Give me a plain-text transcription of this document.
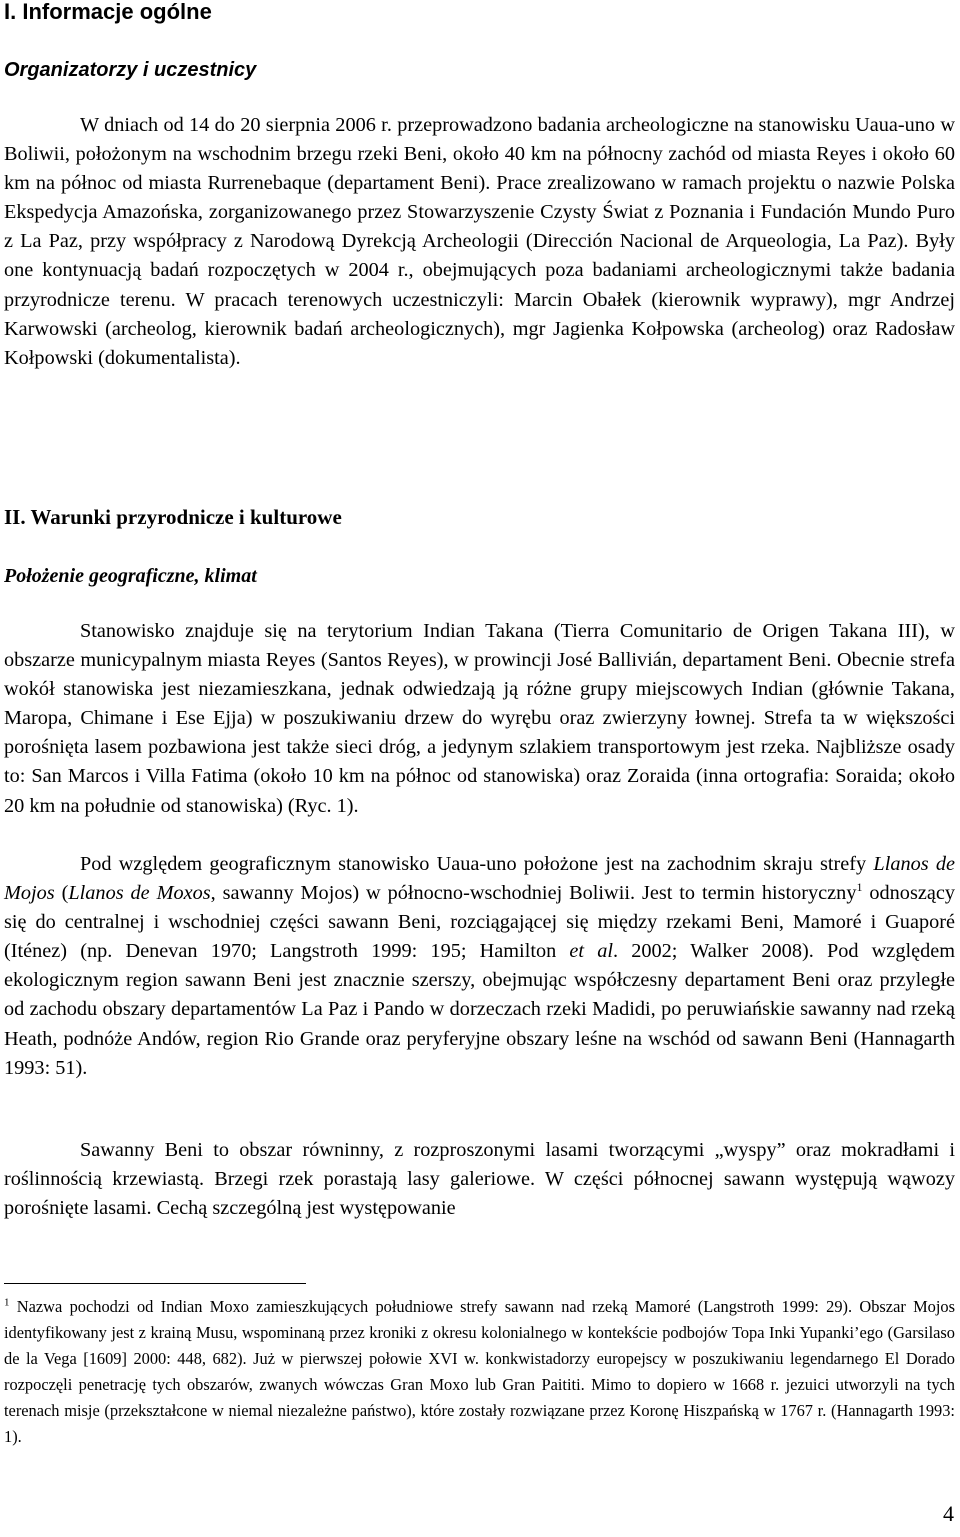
I. Informacje ogólne
Organizatorzy i uczestnicy

W dniach od 14 do 20 sierpnia 2006 r. przeprowadzono badania archeologiczne na stanowisku Uaua-uno w Boliwii, położonym na wschodnim brzegu rzeki Beni, około 40 km na północny zachód od miasta Reyes i około 60 km na północ od miasta Rurrenebaque (departament Beni). Prace zrealizowano w ramach projektu o nazwie Polska Ekspedycja Amazońska, zorganizowanego przez Stowarzyszenie Czysty Świat z Poznania i Fundación Mundo Puro z La Paz, przy współpracy z Narodową Dyrekcją Archeologii (Dirección Nacional de Arqueologia, La Paz). Były one kontynuacją badań rozpoczętych w 2004 r., obejmujących poza badaniami archeologicznymi także badania przyrodnicze terenu. W pracach terenowych uczestniczyli: Marcin Obałek (kierownik wyprawy), mgr Andrzej Karwowski (archeolog, kierownik badań archeologicznych), mgr Jagienka Kołpowska (archeolog) oraz Radosław Kołpowski (dokumentalista).

II. Warunki przyrodnicze i kulturowe
Położenie geograficzne, klimat

Stanowisko znajduje się na terytorium Indian Takana (Tierra Comunitario de Origen Takana III), w obszarze municypalnym miasta Reyes (Santos Reyes), w prowincji José Ballivián, departament Beni. Obecnie strefa wokół stanowiska jest niezamieszkana, jednak odwiedzają ją różne grupy miejscowych Indian (głównie Takana, Maropa, Chimane i Ese Ejja) w poszukiwaniu drzew do wyrębu oraz zwierzyny łownej. Strefa ta w większości porośnięta lasem pozbawiona jest także sieci dróg, a jedynym szlakiem transportowym jest rzeka. Najbliższe osady to: San Marcos i Villa Fatima (około 10 km na północ od stanowiska) oraz Zoraida (inna ortografia: Soraida; około 20 km na południe od stanowiska) (Ryc. 1).

Pod względem geograficznym stanowisko Uaua-uno położone jest na zachodnim skraju strefy Llanos de Mojos (Llanos de Moxos, sawanny Mojos) w północno-wschodniej Boliwii. Jest to termin historyczny$^1$ odnoszący się do centralnej i wschodniej części sawann Beni, rozciągającej się między rzekami Beni, Mamoré i Guaporé (Iténez) (np. Denevan 1970; Langstroth 1999: 195; Hamilton et al. 2002; Walker 2008). Pod względem ekologicznym region sawann Beni jest znacznie szerszy, obejmując współczesny departament Beni oraz przyległe od zachodu obszary departamentów La Paz i Pando w dorzeczach rzeki Madidi, po peruwiańskie sawanny nad rzeką Heath, podnóże Andów, region Rio Grande oraz peryferyjne obszary leśne na wschód od sawann Beni (Hannagarth 1993: 51).

Sawanny Beni to obszar równinny, z rozproszonymi lasami tworzącymi „wyspy” oraz mokradłami i roślinnością krzewiastą. Brzegi rzek porastają lasy galeriowe. W części północnej sawann występują wąwozy porośnięte lasami. Cechą szczególną jest występowanie

$^1$ Nazwa pochodzi od Indian Moxo zamieszkujących południowe strefy sawann nad rzeką Mamoré (Langstroth 1999: 29). Obszar Mojos identyfikowany jest z krainą Musu, wspominaną przez kroniki z okresu kolonialnego w kontekście podbojów Topa Inki Yupanki’ego (Garsilaso de la Vega [1609] 2000: 448, 682). Już w pierwszej połowie XVI w. konkwistadorzy europejscy w poszukiwaniu legendarnego El Dorado rozpoczęli penetrację tych obszarów, zwanych wówczas Gran Moxo lub Gran Paititi. Mimo to dopiero w 1668 r. jezuici utworzyli na tych terenach misje (przekształcone w niemal niezależne państwo), które zostały rozwiązane przez Koronę Hiszpańską w 1767 r. (Hannagarth 1993: 1).

4
